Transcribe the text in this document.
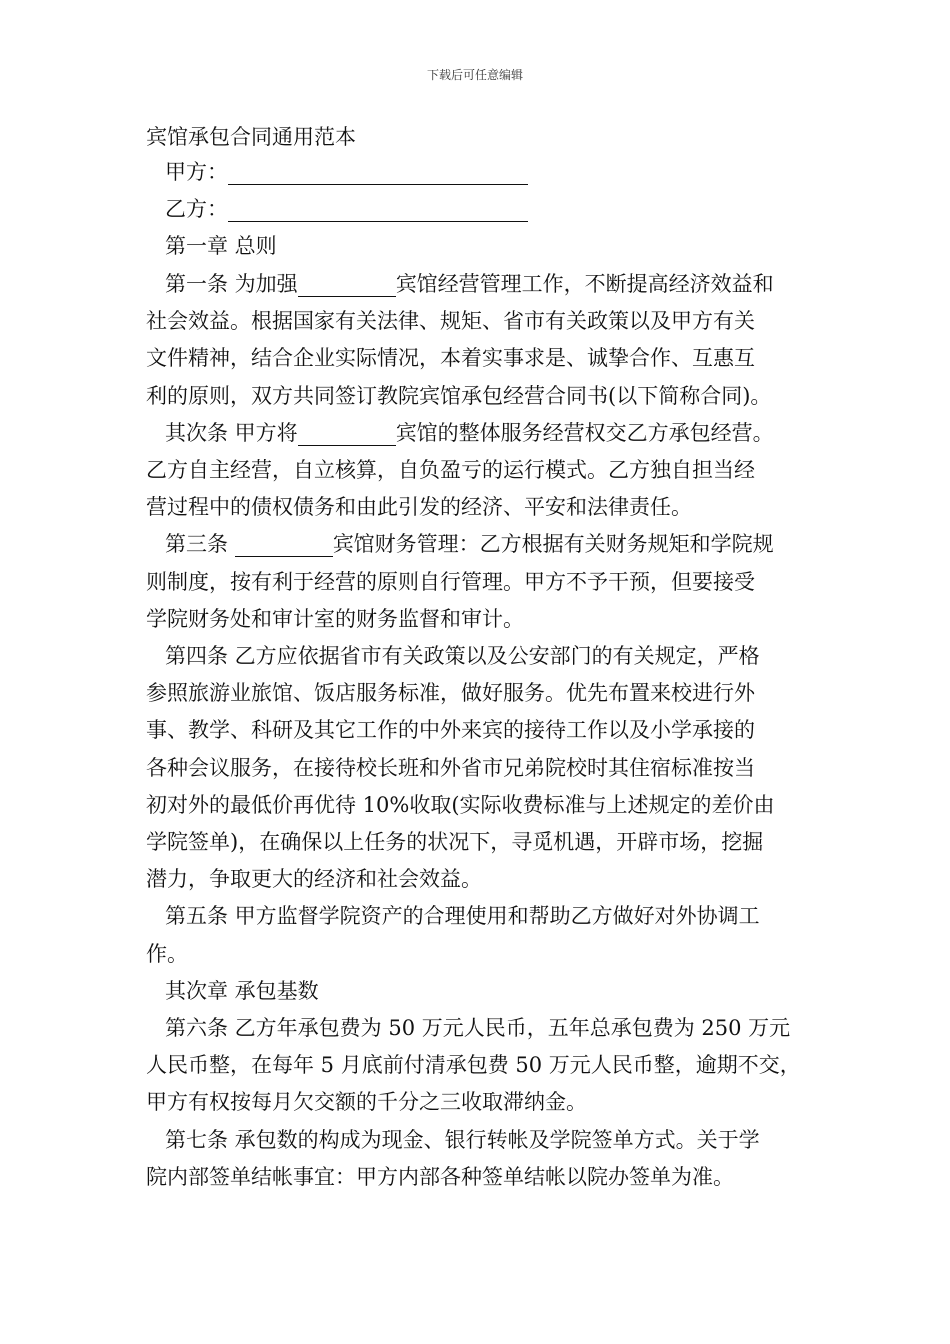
下载后可任意编辑
宾馆承包合同通用范本
甲方：
乙方：
第一章 总则

第一条 为加强	宾馆经营管理工作，不断提高经济效益和

社会效益。根据国家有关法律、规矩、省市有关政策以及甲方有关

文件精神，结合企业实际情况，本着实事求是、诚挚合作、互惠互

利的原则，双方共同签订教院宾馆承包经营合同书(以下简称合同)。

其次条 甲方将	宾馆的整体服务经营权交乙方承包经营。

乙方自主经营，自立核算，自负盈亏的运行模式。乙方独自担当经

营过程中的债权债务和由此引发的经济、平安和法律责任。

第三条	宾馆财务管理：乙方根据有关财务规矩和学院规

则制度，按有利于经营的原则自行管理。甲方不予干预，但要接受

学院财务处和审计室的财务监督和审计。

第四条 乙方应依据省市有关政策以及公安部门的有关规定，严格

参照旅游业旅馆、饭店服务标准，做好服务。优先布置来校进行外

事、教学、科研及其它工作的中外来宾的接待工作以及小学承接的

各种会议服务，在接待校长班和外省市兄弟院校时其住宿标准按当

初对外的最低价再优待 10%收取(实际收费标准与上述规定的差价由

学院签单)，在确保以上任务的状况下，寻觅机遇，开辟市场，挖掘

潜力，争取更大的经济和社会效益。

第五条 甲方监督学院资产的合理使用和帮助乙方做好对外协调工

作。

其次章 承包基数

第六条 乙方年承包费为 50 万元人民币，五年总承包费为 250 万元

人民币整，在每年 5 月底前付清承包费 50 万元人民币整，逾期不交，

甲方有权按每月欠交额的千分之三收取滞纳金。

第七条 承包数的构成为现金、银行转帐及学院签单方式。关于学

院内部签单结帐事宜：甲方内部各种签单结帐以院办签单为准。
